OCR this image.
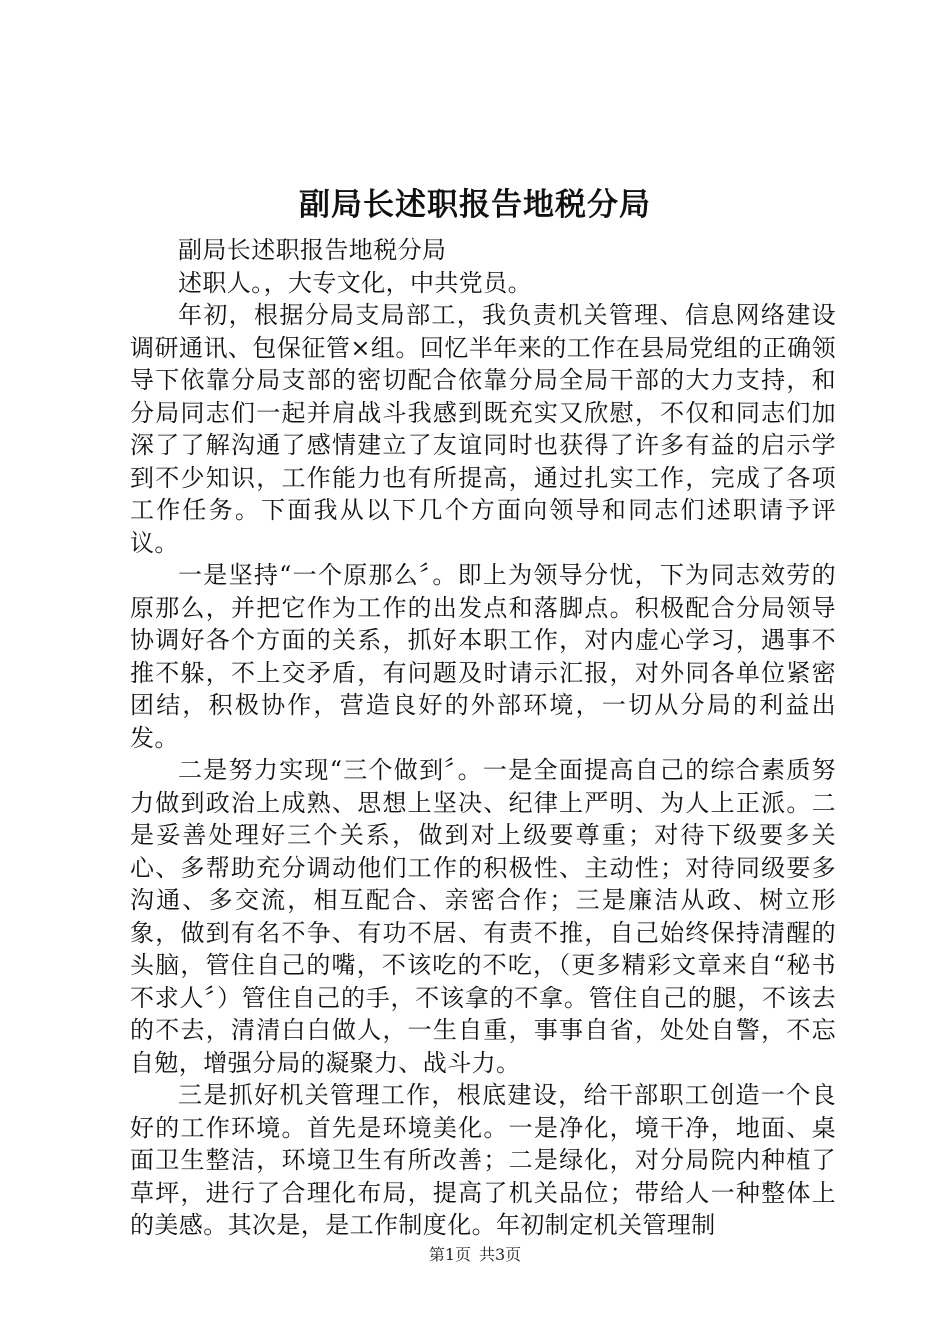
副局长述职报告地税分局

副局长述职报告地税分局

述职人。，大专文化，中共党员。

年初，根据分局支局部工，我负责机关管理、信息网络建设调研通讯、包保征管×组。回忆半年来的工作在县局党组的正确领导下依靠分局支部的密切配合依靠分局全局干部的大力支持，和分局同志们一起并肩战斗我感到既充实又欣慰，不仅和同志们加深了了解沟通了感情建立了友谊同时也获得了许多有益的启示学到不少知识，工作能力也有所提高，通过扎实工作，完成了各项工作任务。下面我从以下几个方面向领导和同志们述职请予评议。

一是坚持“一个原那么〞。即上为领导分忧，下为同志效劳的原那么，并把它作为工作的出发点和落脚点。积极配合分局领导协调好各个方面的关系，抓好本职工作，对内虚心学习，遇事不推不躲，不上交矛盾，有问题及时请示汇报，对外同各单位紧密团结，积极协作，营造良好的外部环境，一切从分局的利益出发。

二是努力实现“三个做到〞。一是全面提高自己的综合素质努力做到政治上成熟、思想上坚决、纪律上严明、为人上正派。二是妥善处理好三个关系，做到对上级要尊重；对待下级要多关心、多帮助充分调动他们工作的积极性、主动性；对待同级要多沟通、多交流，相互配合、亲密合作；三是廉洁从政、树立形象，做到有名不争、有功不居、有责不推，自己始终保持清醒的头脑，管住自己的嘴，不该吃的不吃，（更多精彩文章来自“秘书不求人〞）管住自己的手，不该拿的不拿。管住自己的腿，不该去的不去，清清白白做人，一生自重，事事自省，处处自警，不忘自勉，增强分局的凝聚力、战斗力。

三是抓好机关管理工作，根底建设，给干部职工创造一个良好的工作环境。首先是环境美化。一是净化，境干净，地面、桌面卫生整洁，环境卫生有所改善；二是绿化，对分局院内种植了草坪，进行了合理化布局，提高了机关品位；带给人一种整体上的美感。其次是，是工作制度化。年初制定机关管理制

第1页 共3页
